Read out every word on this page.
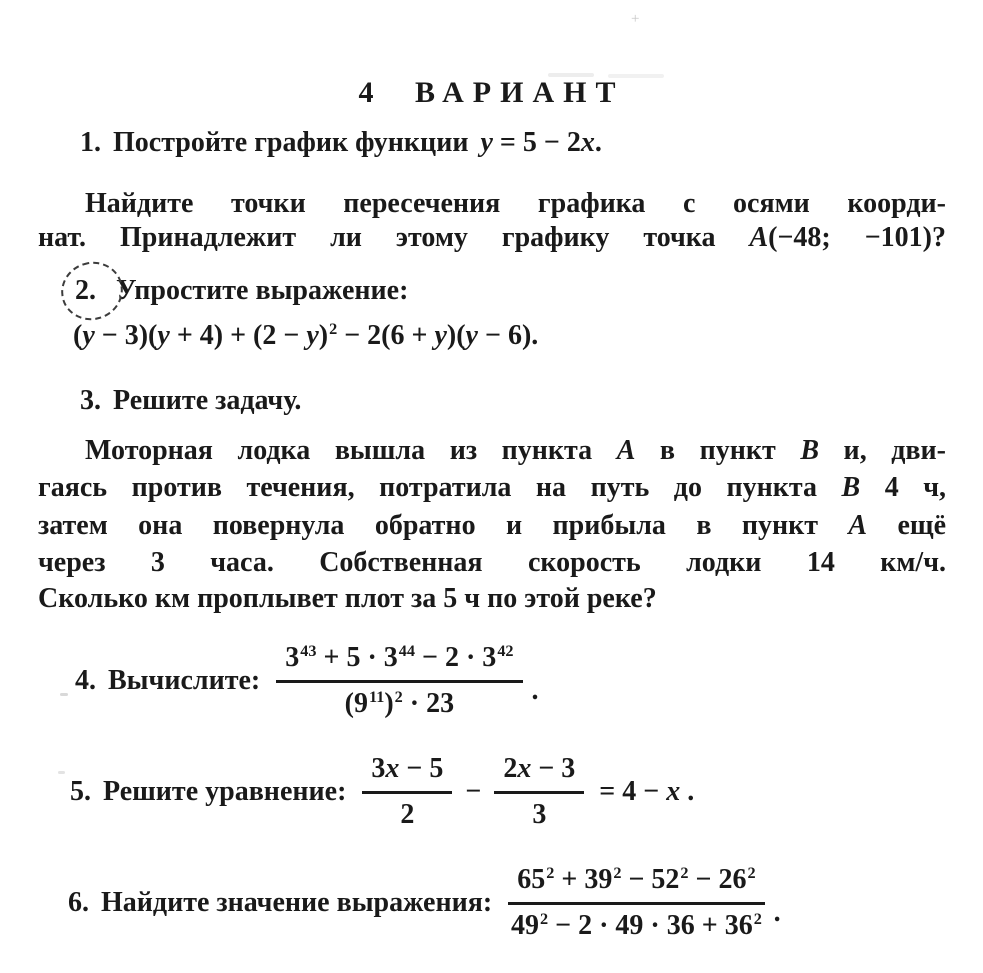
+
4 ВАРИАНТ
1. Постройте график функции y = 5 − 2x.
Найдите точки пересечения графика с осями коорди-
нат. Принадлежит ли этому графику точка A(−48; −101)?
2. Упростите выражение:
$(y - 3)(y + 4) + (2 - y)^2 - 2(6 + y)(y - 6)$.
3. Решите задачу.
Моторная лодка вышла из пункта A в пункт B и, дви-
гаясь против течения, потратила на путь до пункта B 4 ч,
затем она повернула обратно и прибыла в пункт A ещё
через 3 часа. Собственная скорость лодки 14 км/ч.
Сколько км проплывет плот за 5 ч по этой реке?
4. Вычислите: $\frac{3^{43} + 5 \cdot 3^{44} - 2 \cdot 3^{42}}{(9^{11})^2 \cdot 23}$ .
5. Решите уравнение: $\frac{3x - 5}{2} - \frac{2x - 3}{3} = 4 - x$ .
6. Найдите значение выражения: $\frac{65^2 + 39^2 - 52^2 - 26^2}{49^2 - 2 \cdot 49 \cdot 36 + 36^2}$ .
